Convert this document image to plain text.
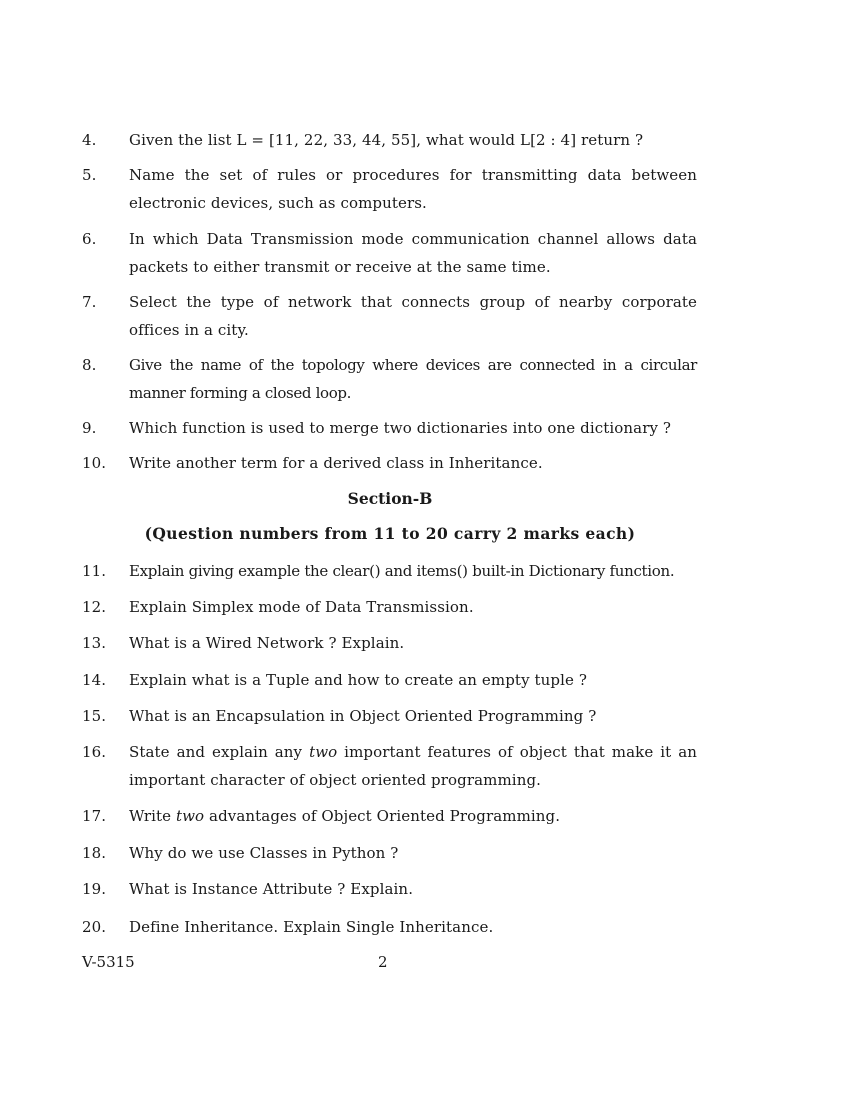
4.	Given the list L = [11, 22, 33, 44, 55], what would L[2 : 4] return ?
5.	Name the set of rules or procedures for transmitting data between electronic devices, such as computers.
6.	In which Data Transmission mode communication channel allows data packets to either transmit or receive at the same time.
7.	Select the type of network that connects group of nearby corporate offices in a city.
8.	Give the name of the topology where devices are connected in a circular manner forming a closed loop.
9.	Which function is used to merge two dictionaries into one dictionary ?
10.	Write another term for a derived class in Inheritance.
Section-B
(Question numbers from 11 to 20 carry 2 marks each)
11.	Explain giving example the clear() and items() built-in Dictionary function.
12.	Explain Simplex mode of Data Transmission.
13.	What is a Wired Network ? Explain.
14.	Explain what is a Tuple and how to create an empty tuple ?
15.	What is an Encapsulation in Object Oriented Programming ?
16.	State and explain any two important features of object that make it an important character of object oriented programming.
17.	Write two advantages of Object Oriented Programming.
18.	Why do we use Classes in Python ?
19.	What is Instance Attribute ? Explain.
20.	Define Inheritance. Explain Single Inheritance.
V-5315	2
